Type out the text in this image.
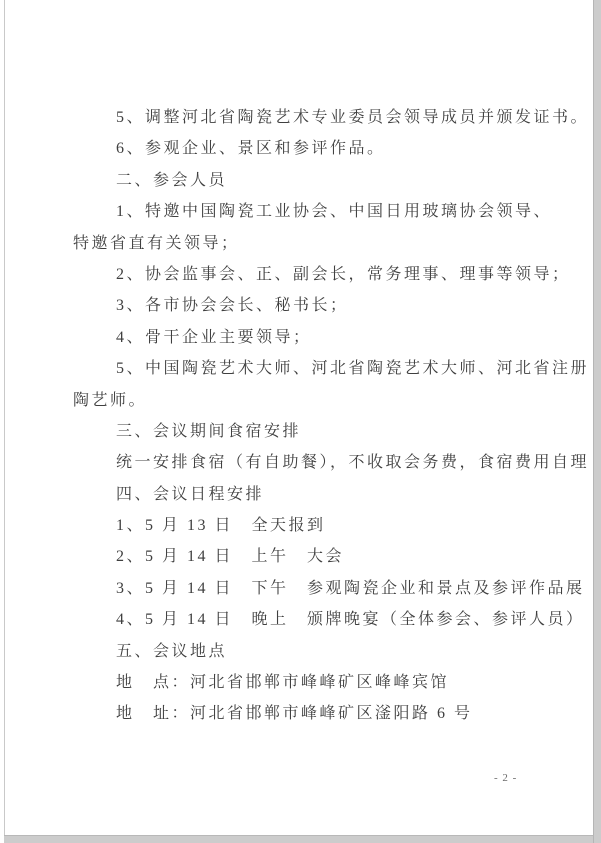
5、调整河北省陶瓷艺术专业委员会领导成员并颁发证书。
6、参观企业、景区和参评作品。
二、参会人员
1、特邀中国陶瓷工业协会、中国日用玻璃协会领导、
特邀省直有关领导；
2、协会监事会、正、副会长，常务理事、理事等领导；
3、各市协会会长、秘书长；
4、骨干企业主要领导；
5、中国陶瓷艺术大师、河北省陶瓷艺术大师、河北省注册
陶艺师。
三、会议期间食宿安排
统一安排食宿（有自助餐），不收取会务费，食宿费用自理
四、会议日程安排
1、5 月 13 日　全天报到
2、5 月 14 日　上午　大会
3、5 月 14 日　下午　参观陶瓷企业和景点及参评作品展
4、5 月 14 日　晚上　颁牌晚宴（全体参会、参评人员）
五、会议地点
地　点：河北省邯郸市峰峰矿区峰峰宾馆
地　址：河北省邯郸市峰峰矿区滏阳路 6 号
- 2 -
